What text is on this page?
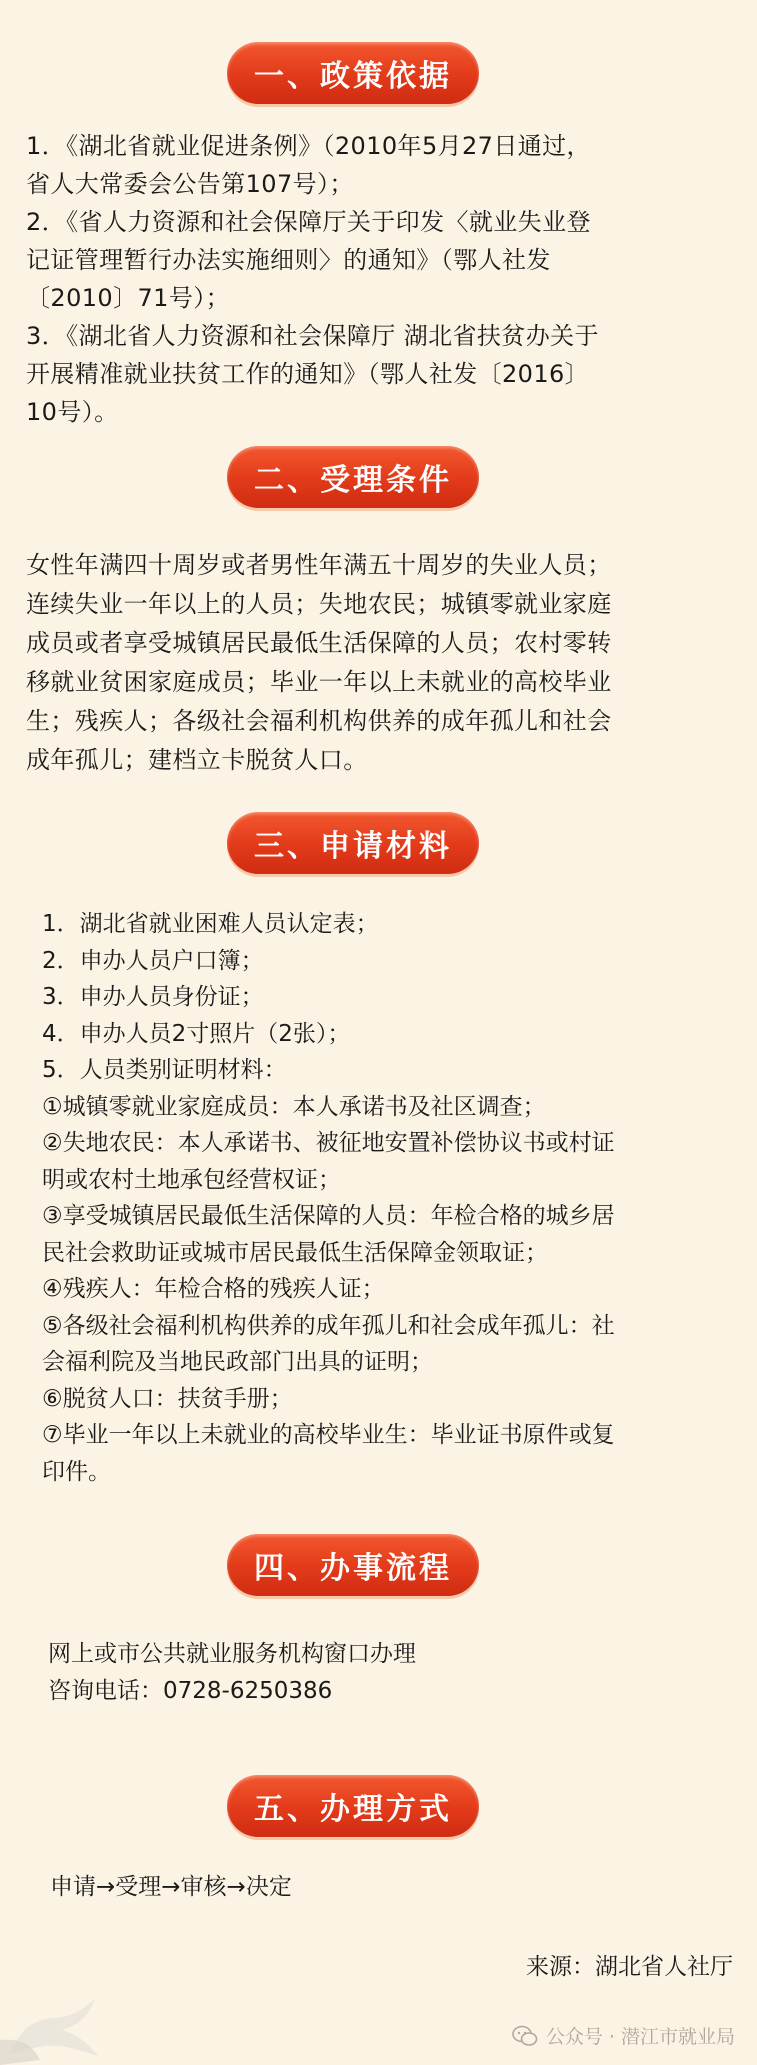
一、政策依据
1．《湖北省就业促进条例》（2010年5月27日通过，
省人大常委会公告第107号）；
2．《省人力资源和社会保障厅关于印发〈就业失业登
记证管理暂行办法实施细则〉的通知》（鄂人社发
〔2010〕71号）；
3．《湖北省人力资源和社会保障厅 湖北省扶贫办关于
开展精准就业扶贫工作的通知》（鄂人社发〔2016〕
10号）。
二、受理条件
女性年满四十周岁或者男性年满五十周岁的失业人员；
连续失业一年以上的人员；失地农民；城镇零就业家庭
成员或者享受城镇居民最低生活保障的人员；农村零转
移就业贫困家庭成员；毕业一年以上未就业的高校毕业
生；残疾人；各级社会福利机构供养的成年孤儿和社会
成年孤儿；建档立卡脱贫人口。
三、申请材料
1．湖北省就业困难人员认定表；
2．申办人员户口簿；
3．申办人员身份证；
4．申办人员2寸照片（2张）；
5．人员类别证明材料：
①城镇零就业家庭成员：本人承诺书及社区调查；
②失地农民：本人承诺书、被征地安置补偿协议书或村证
明或农村土地承包经营权证；
③享受城镇居民最低生活保障的人员：年检合格的城乡居
民社会救助证或城市居民最低生活保障金领取证；
④残疾人：年检合格的残疾人证；
⑤各级社会福利机构供养的成年孤儿和社会成年孤儿：社
会福利院及当地民政部门出具的证明；
⑥脱贫人口：扶贫手册；
⑦毕业一年以上未就业的高校毕业生：毕业证书原件或复
印件。
四、办事流程
网上或市公共就业服务机构窗口办理
咨询电话：0728-6250386
五、办理方式
申请→受理→审核→决定
来源：湖北省人社厅
公众号 · 潜江市就业局
